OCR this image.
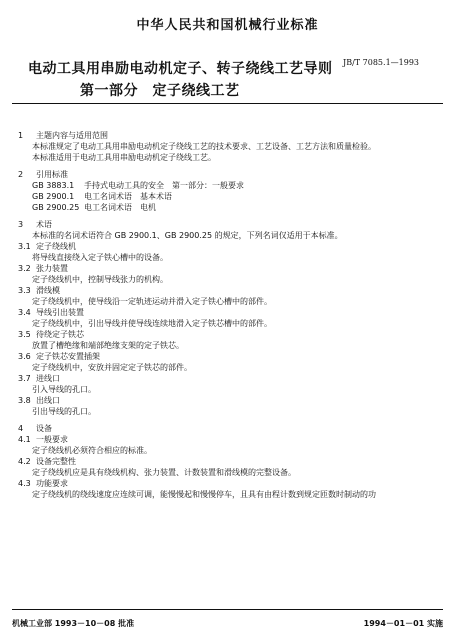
中华人民共和国机械行业标准
电动工具用串励电动机定子、转子绕线工艺导则 JB/T 7085.1—1993
第一部分　定子绕线工艺
1 主题内容与适用范围
本标准规定了电动工具用串励电动机定子绕线工艺的技术要求、工艺设备、工艺方法和质量检验。
本标准适用于电动工具用串励电动机定子绕线工艺。
2 引用标准
GB 3883.1 手持式电动工具的安全　第一部分：一般要求
GB 2900.1 电工名词术语　基本术语
GB 2900.25 电工名词术语　电机
3 术语
本标准的名词术语符合 GB 2900.1、GB 2900.25 的规定，下列名词仅适用于本标准。
3.1 定子绕线机
将导线直接绕入定子铁心槽中的设备。
3.2 张力装置
定子绕线机中，控制导线张力的机构。
3.3 滑线模
定子绕线机中，使导线沿一定轨迹运动并滑入定子铁心槽中的部件。
3.4 导线引出装置
定子绕线机中，引出导线并使导线连续地滑入定子铁芯槽中的部件。
3.5 待绕定子铁芯
放置了槽绝缘和端部绝缘支架的定子铁芯。
3.6 定子铁芯安置插架
定子绕线机中，安放并固定定子铁芯的部件。
3.7 进线口
引入导线的孔口。
3.8 出线口
引出导线的孔口。
4 设备
4.1 一般要求
定子绕线机必须符合相应的标准。
4.2 设备完整性
定子绕线机应是具有绕线机构、张力装置、计数装置和滑线模的完整设备。
4.3 功能要求
定子绕线机的绕线速度应连续可调，能慢慢起和慢慢停车，且具有由程计数到规定匝数时制动的功
机械工业部 1993－10－08 批准	1994－01－01 实施
